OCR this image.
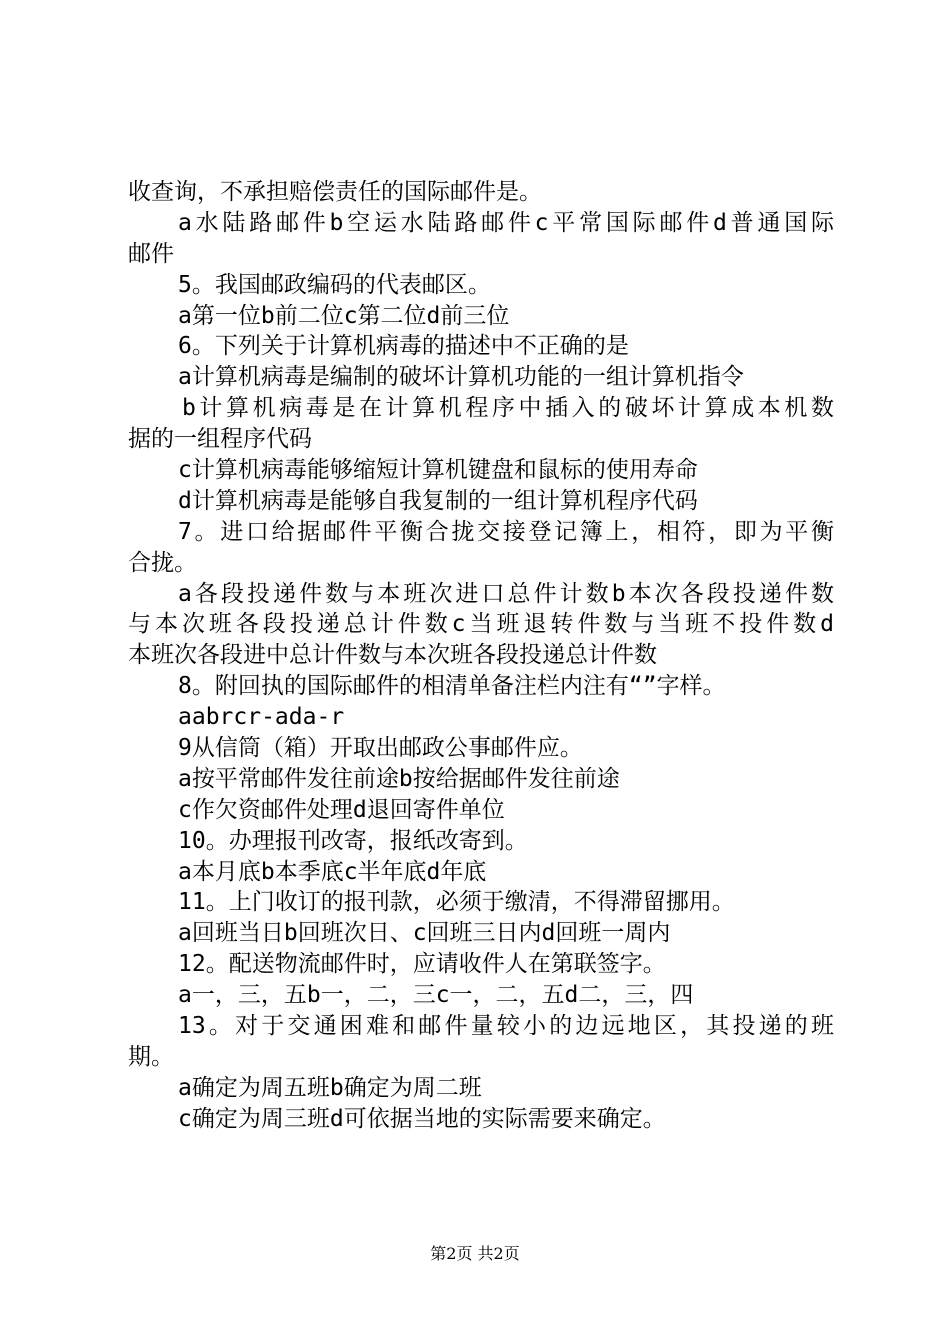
收查询，不承担赔偿责任的国际邮件是。
a水陆路邮件b空运水陆路邮件c平常国际邮件d普通国际
邮件
5。我国邮政编码的代表邮区。
a第一位b前二位c第二位d前三位
6。下列关于计算机病毒的描述中不正确的是
a计算机病毒是编制的破坏计算机功能的一组计算机指令
b计算机病毒是在计算机程序中插入的破坏计算成本机数
据的一组程序代码
c计算机病毒能够缩短计算机键盘和鼠标的使用寿命
d计算机病毒是能够自我复制的一组计算机程序代码
7。进口给据邮件平衡合拢交接登记簿上，相符，即为平衡
合拢。
a各段投递件数与本班次进口总件计数b本次各段投递件数
与本次班各段投递总计件数c当班退转件数与当班不投件数d
本班次各段进中总计件数与本次班各段投递总计件数
8。附回执的国际邮件的相清单备注栏内注有“”字样。
aabrcr-ada-r
9从信筒（箱）开取出邮政公事邮件应。
a按平常邮件发往前途b按给据邮件发往前途
c作欠资邮件处理d退回寄件单位
10。办理报刊改寄，报纸改寄到。
a本月底b本季底c半年底d年底
11。上门收订的报刊款，必须于缴清，不得滞留挪用。
a回班当日b回班次日、c回班三日内d回班一周内
12。配送物流邮件时，应请收件人在第联签字。
a一，三，五b一，二，三c一，二，五d二，三，四
13。对于交通困难和邮件量较小的边远地区，其投递的班
期。
a确定为周五班b确定为周二班
c确定为周三班d可依据当地的实际需要来确定。
第2页 共2页
